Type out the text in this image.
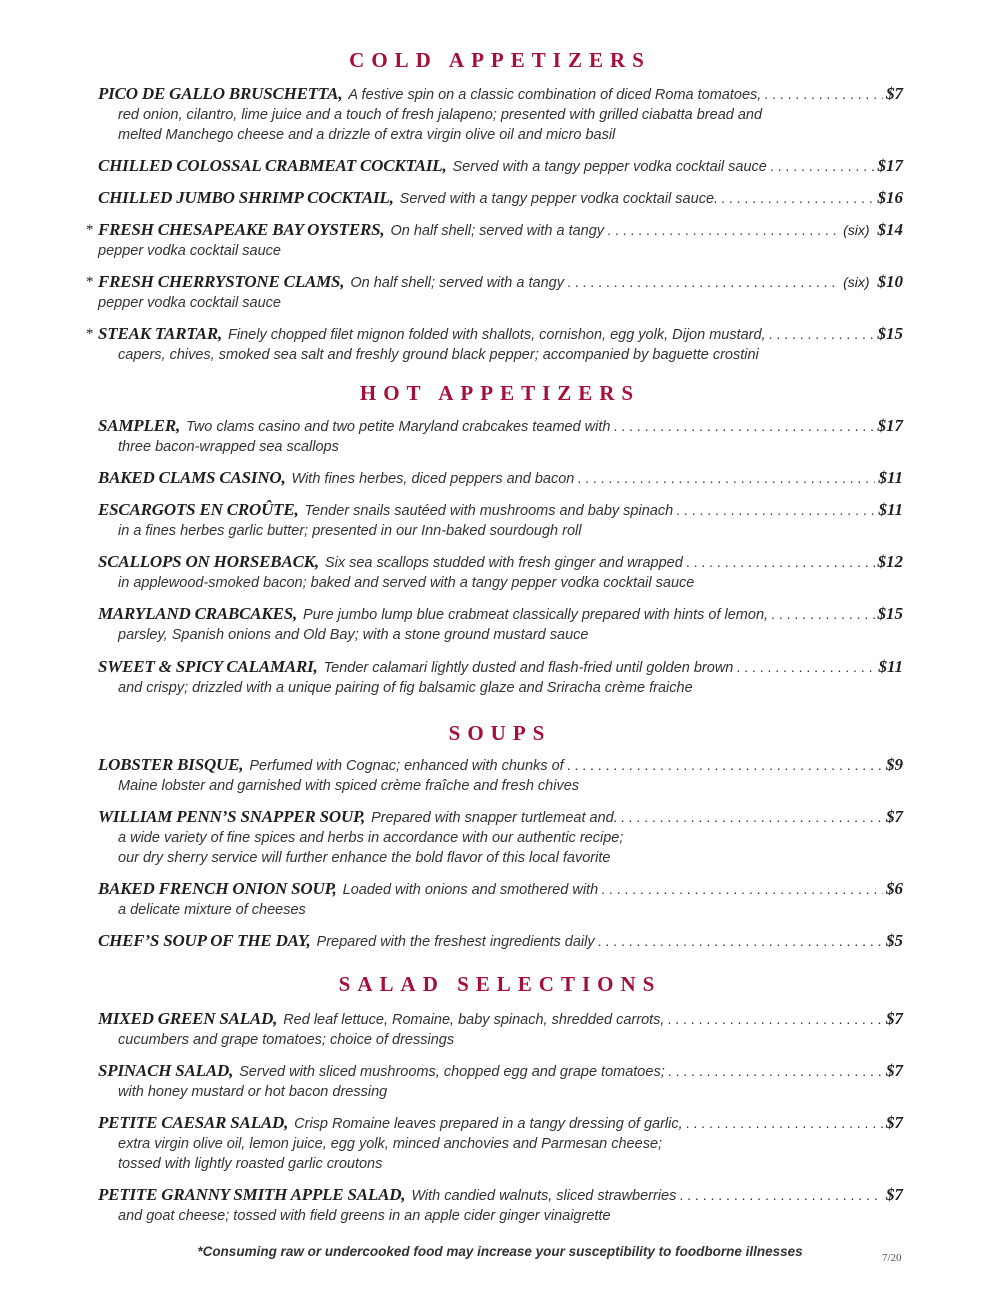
COLD APPETIZERS
PICO DE GALLO BRUSCHETTA, A festive spin on a classic combination of diced Roma tomatoes, . . .	$7
red onion, cilantro, lime juice and a touch of fresh jalapeno; presented with grilled ciabatta bread and
melted Manchego cheese and a drizzle of extra virgin olive oil and micro basil
CHILLED COLOSSAL CRABMEAT COCKTAIL, Served with a tangy pepper vodka cocktail sauce . . .	$17
CHILLED JUMBO SHRIMP COCKTAIL, Served with a tangy pepper vodka cocktail sauce. . . .	$16
* FRESH CHESAPEAKE BAY OYSTERS, On half shell; served with a tangy . . .	(six) $14
pepper vodka cocktail sauce
* FRESH CHERRYSTONE CLAMS, On half shell; served with a tangy . . .	(six) $10
pepper vodka cocktail sauce
* STEAK TARTAR, Finely chopped filet mignon folded with shallots, cornishon, egg yolk, Dijon mustard, . . .	$15
capers, chives, smoked sea salt and freshly ground black pepper; accompanied by baguette crostini
HOT APPETIZERS
SAMPLER, Two clams casino and two petite Maryland crabcakes teamed with . . .	$17
three bacon-wrapped sea scallops
BAKED CLAMS CASINO, With fines herbes, diced peppers and bacon . . .	$11
ESCARGOTS EN CROÛTE, Tender snails sautéed with mushrooms and baby spinach . . .	$11
in a fines herbes garlic butter; presented in our Inn-baked sourdough roll
SCALLOPS ON HORSEBACK, Six sea scallops studded with fresh ginger and wrapped . . .	$12
in applewood-smoked bacon; baked and served with a tangy pepper vodka cocktail sauce
MARYLAND CRABCAKES, Pure jumbo lump blue crabmeat classically prepared with hints of lemon, . . .	$15
parsley, Spanish onions and Old Bay; with a stone ground mustard sauce
SWEET & SPICY CALAMARI, Tender calamari lightly dusted and flash-fried until golden brown . . .	$11
and crispy; drizzled with a unique pairing of fig balsamic glaze and Sriracha crème fraiche
SOUPS
LOBSTER BISQUE, Perfumed with Cognac; enhanced with chunks of . . .	$9
Maine lobster and garnished with spiced crème fraîche and fresh chives
WILLIAM PENN’S SNAPPER SOUP, Prepared with snapper turtlemeat and. . . .	$7
a wide variety of fine spices and herbs in accordance with our authentic recipe;
our dry sherry service will further enhance the bold flavor of this local favorite
BAKED FRENCH ONION SOUP, Loaded with onions and smothered with . . .	$6
a delicate mixture of cheeses
CHEF’S SOUP OF THE DAY, Prepared with the freshest ingredients daily . . .	$5
SALAD SELECTIONS
MIXED GREEN SALAD, Red leaf lettuce, Romaine, baby spinach, shredded carrots, . . .	$7
cucumbers and grape tomatoes; choice of dressings
SPINACH SALAD, Served with sliced mushrooms, chopped egg and grape tomatoes; . . .	$7
with honey mustard or hot bacon dressing
PETITE CAESAR SALAD, Crisp Romaine leaves prepared in a tangy dressing of garlic, . . .	$7
extra virgin olive oil, lemon juice, egg yolk, minced anchovies and Parmesan cheese;
tossed with lightly roasted garlic croutons
PETITE GRANNY SMITH APPLE SALAD, With candied walnuts, sliced strawberries . . .	$7
and goat cheese; tossed with field greens in an apple cider ginger vinaigrette
*Consuming raw or undercooked food may increase your susceptibility to foodborne illnesses	7/20
